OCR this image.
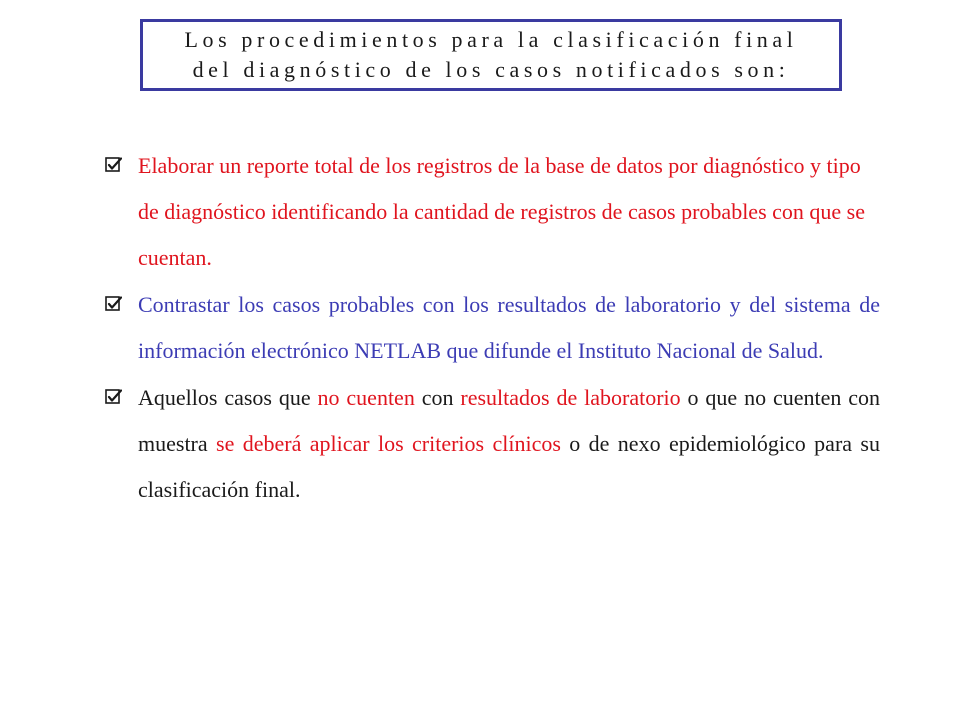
Los procedimientos para la clasificación final
del diagnóstico de los casos notificados son:
Elaborar un reporte total de los registros de la base de datos por diagnóstico y tipo de diagnóstico identificando la cantidad de registros de casos probables con que se cuentan.
Contrastar los casos probables con los resultados de laboratorio y del sistema de información electrónico NETLAB que difunde el Instituto Nacional de Salud.
Aquellos casos que no cuenten con resultados de laboratorio o que no cuenten con muestra se deberá aplicar los criterios clínicos o de nexo epidemiológico para su clasificación final.
